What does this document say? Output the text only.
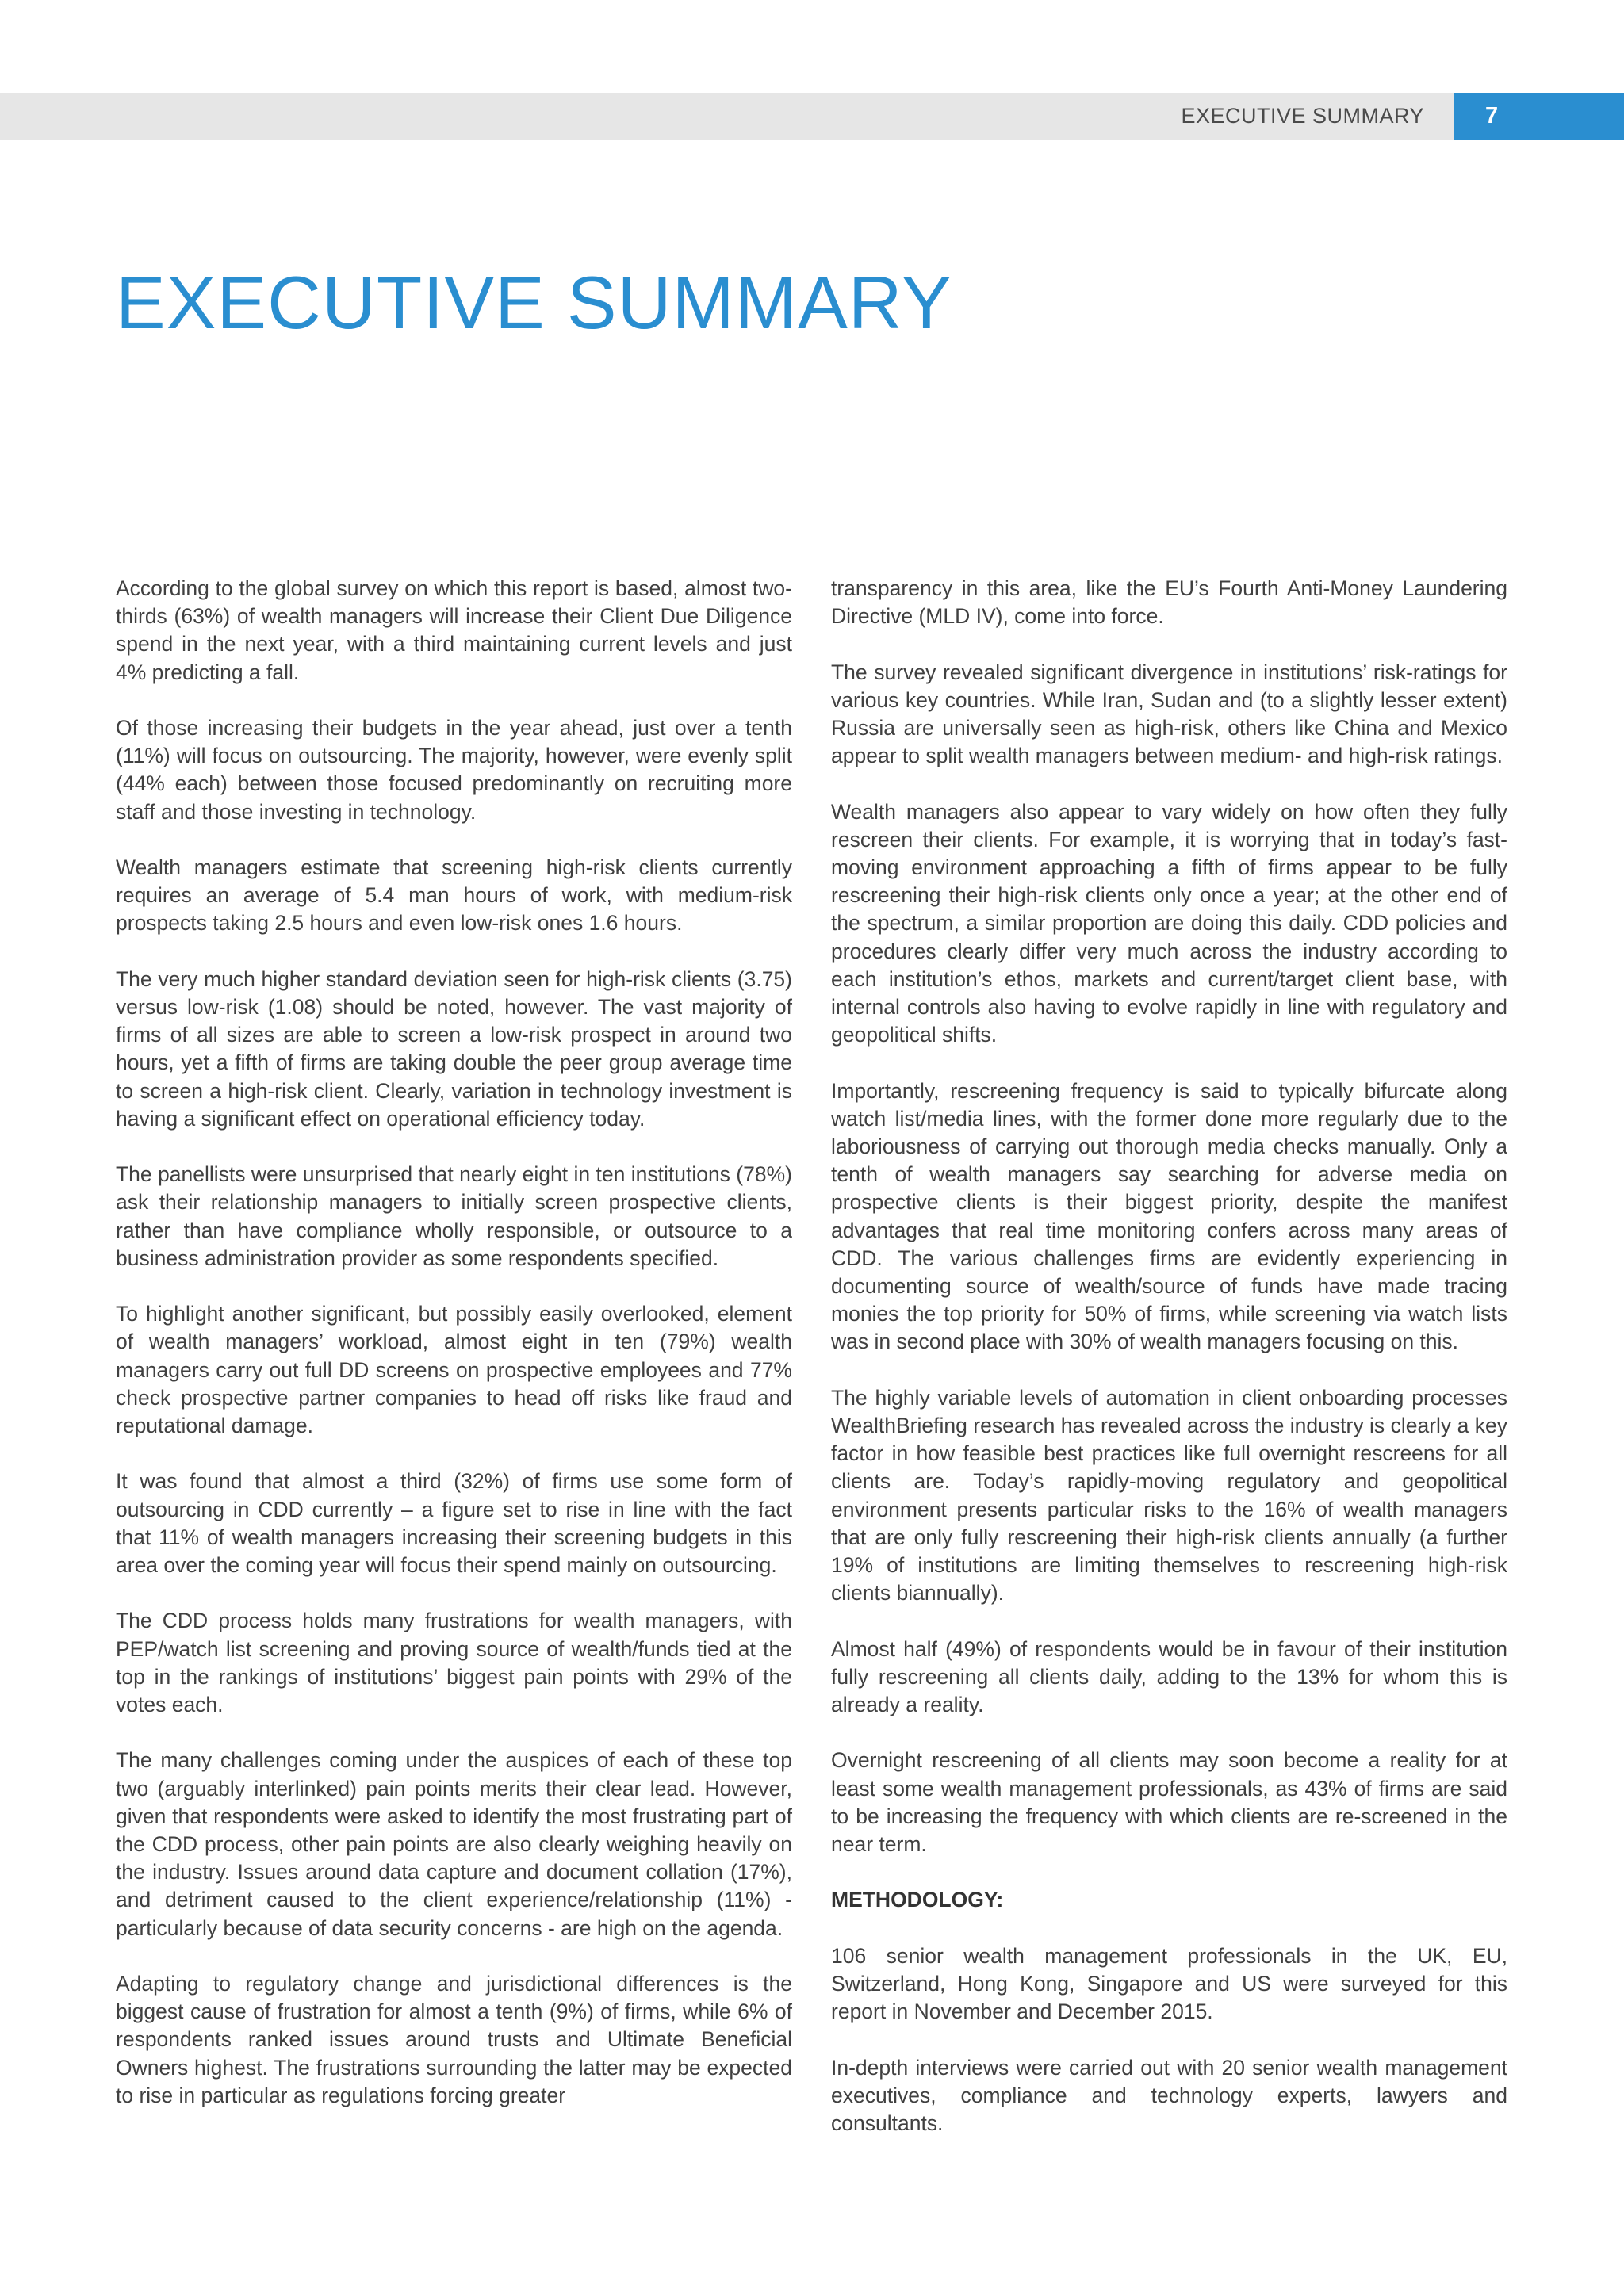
EXECUTIVE SUMMARY	7
EXECUTIVE SUMMARY

According to the global survey on which this report is based, almost two-thirds (63%) of wealth managers will increase their Client Due Diligence spend in the next year, with a third maintaining current levels and just 4% predicting a fall.

Of those increasing their budgets in the year ahead, just over a tenth (11%) will focus on outsourcing. The majority, however, were evenly split (44% each) between those focused predominantly on recruiting more staff and those investing in technology.

Wealth managers estimate that screening high-risk clients currently requires an average of 5.4 man hours of work, with medium-risk prospects taking 2.5 hours and even low-risk ones 1.6 hours.

The very much higher standard deviation seen for high-risk clients (3.75) versus low-risk (1.08) should be noted, however. The vast majority of firms of all sizes are able to screen a low-risk prospect in around two hours, yet a fifth of firms are taking double the peer group average time to screen a high-risk client. Clearly, variation in technology investment is having a significant effect on operational efficiency today.

The panellists were unsurprised that nearly eight in ten institutions (78%) ask their relationship managers to initially screen prospective clients, rather than have compliance wholly responsible, or outsource to a business administration provider as some respondents specified.

To highlight another significant, but possibly easily overlooked, element of wealth managers’ workload, almost eight in ten (79%) wealth managers carry out full DD screens on prospective employees and 77% check prospective partner companies to head off risks like fraud and reputational damage.

It was found that almost a third (32%) of firms use some form of outsourcing in CDD currently – a figure set to rise in line with the fact that 11% of wealth managers increasing their screening budgets in this area over the coming year will focus their spend mainly on outsourcing.

The CDD process holds many frustrations for wealth managers, with PEP/watch list screening and proving source of wealth/funds tied at the top in the rankings of institutions’ biggest pain points with 29% of the votes each.

The many challenges coming under the auspices of each of these top two (arguably interlinked) pain points merits their clear lead. However, given that respondents were asked to identify the most frustrating part of the CDD process, other pain points are also clearly weighing heavily on the industry. Issues around data capture and document collation (17%), and detriment caused to the client experience/relationship (11%) - particularly because of data security concerns - are high on the agenda.

Adapting to regulatory change and jurisdictional differences is the biggest cause of frustration for almost a tenth (9%) of firms, while 6% of respondents ranked issues around trusts and Ultimate Beneficial Owners highest. The frustrations surrounding the latter may be expected to rise in particular as regulations forcing greater

transparency in this area, like the EU’s Fourth Anti-Money Laundering Directive (MLD IV), come into force.

The survey revealed significant divergence in institutions’ risk-ratings for various key countries. While Iran, Sudan and (to a slightly lesser extent) Russia are universally seen as high-risk, others like China and Mexico appear to split wealth managers between medium- and high-risk ratings.

Wealth managers also appear to vary widely on how often they fully rescreen their clients. For example, it is worrying that in today’s fast-moving environment approaching a fifth of firms appear to be fully rescreening their high-risk clients only once a year; at the other end of the spectrum, a similar proportion are doing this daily. CDD policies and procedures clearly differ very much across the industry according to each institution’s ethos, markets and current/target client base, with internal controls also having to evolve rapidly in line with regulatory and geopolitical shifts.

Importantly, rescreening frequency is said to typically bifurcate along watch list/media lines, with the former done more regularly due to the laboriousness of carrying out thorough media checks manually. Only a tenth of wealth managers say searching for adverse media on prospective clients is their biggest priority, despite the manifest advantages that real time monitoring confers across many areas of CDD. The various challenges firms are evidently experiencing in documenting source of wealth/source of funds have made tracing monies the top priority for 50% of firms, while screening via watch lists was in second place with 30% of wealth managers focusing on this.

The highly variable levels of automation in client onboarding processes WealthBriefing research has revealed across the industry is clearly a key factor in how feasible best practices like full overnight rescreens for all clients are. Today’s rapidly-moving regulatory and geopolitical environment presents particular risks to the 16% of wealth managers that are only fully rescreening their high-risk clients annually (a further 19% of institutions are limiting themselves to rescreening high-risk clients biannually).

Almost half (49%) of respondents would be in favour of their institution fully rescreening all clients daily, adding to the 13% for whom this is already a reality.

Overnight rescreening of all clients may soon become a reality for at least some wealth management professionals, as 43% of firms are said to be increasing the frequency with which clients are re-screened in the near term.

METHODOLOGY:

106 senior wealth management professionals in the UK, EU, Switzerland, Hong Kong, Singapore and US were surveyed for this report in November and December 2015.

In-depth interviews were carried out with 20 senior wealth management executives, compliance and technology experts, lawyers and consultants.
